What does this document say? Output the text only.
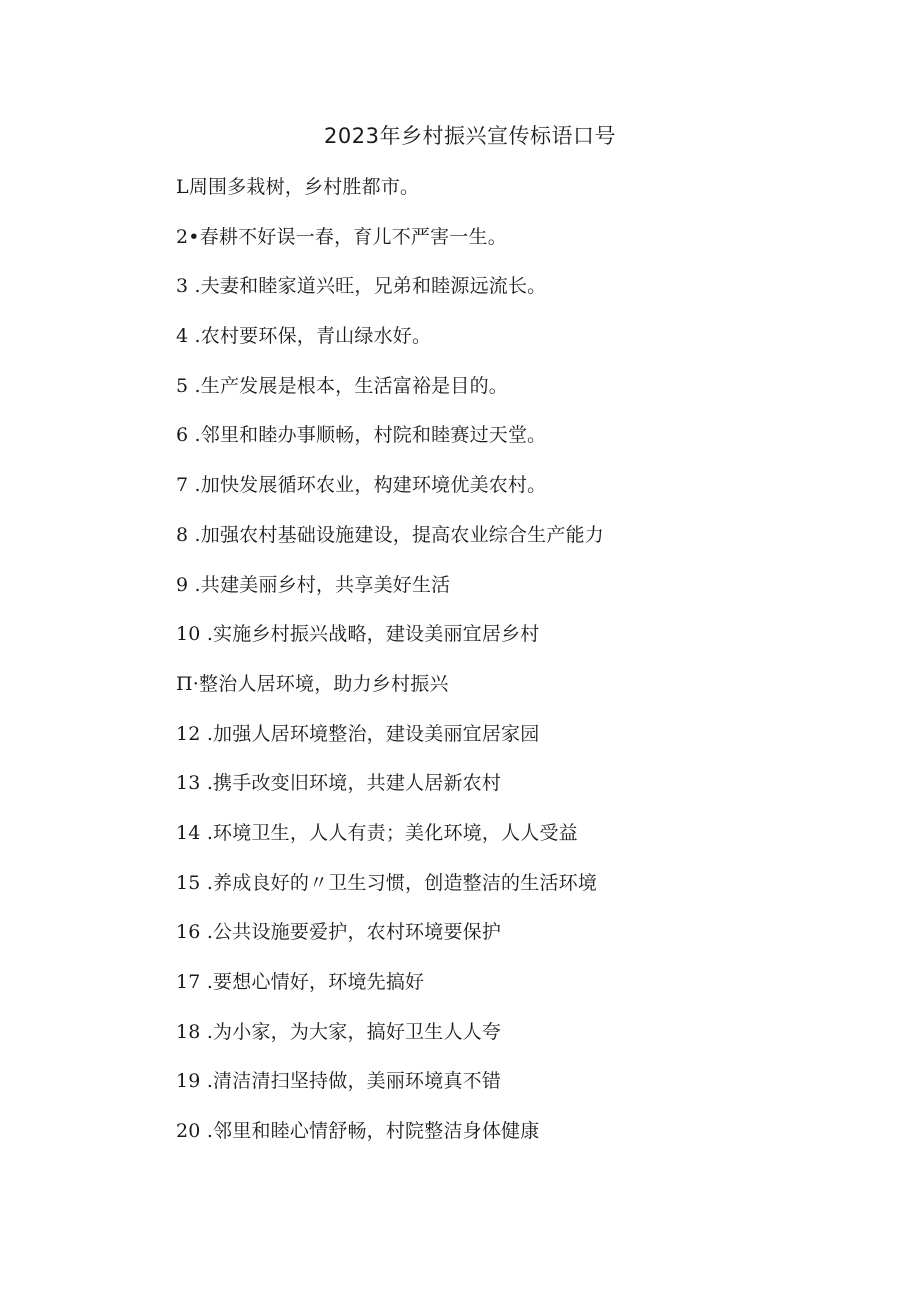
2023年乡村振兴宣传标语口号
L周围多栽树，乡村胜都市。
2•春耕不好误一春，育儿不严害一生。
3 .夫妻和睦家道兴旺，兄弟和睦源远流长。
4 .农村要环保，青山绿水好。
5 .生产发展是根本，生活富裕是目的。
6 .邻里和睦办事顺畅，村院和睦赛过天堂。
7 .加快发展循环农业，构建环境优美农村。
8 .加强农村基础设施建设，提高农业综合生产能力
9 .共建美丽乡村，共享美好生活
10 .实施乡村振兴战略，建设美丽宜居乡村
Π·整治人居环境，助力乡村振兴
12 .加强人居环境整治，建设美丽宜居家园
13 .携手改变旧环境，共建人居新农村
14 .环境卫生，人人有责；美化环境，人人受益
15 .养成良好的〃卫生习惯，创造整洁的生活环境
16 .公共设施要爱护，农村环境要保护
17 .要想心情好，环境先搞好
18 .为小家，为大家，搞好卫生人人夸
19 .清洁清扫坚持做，美丽环境真不错
20 .邻里和睦心情舒畅，村院整洁身体健康
